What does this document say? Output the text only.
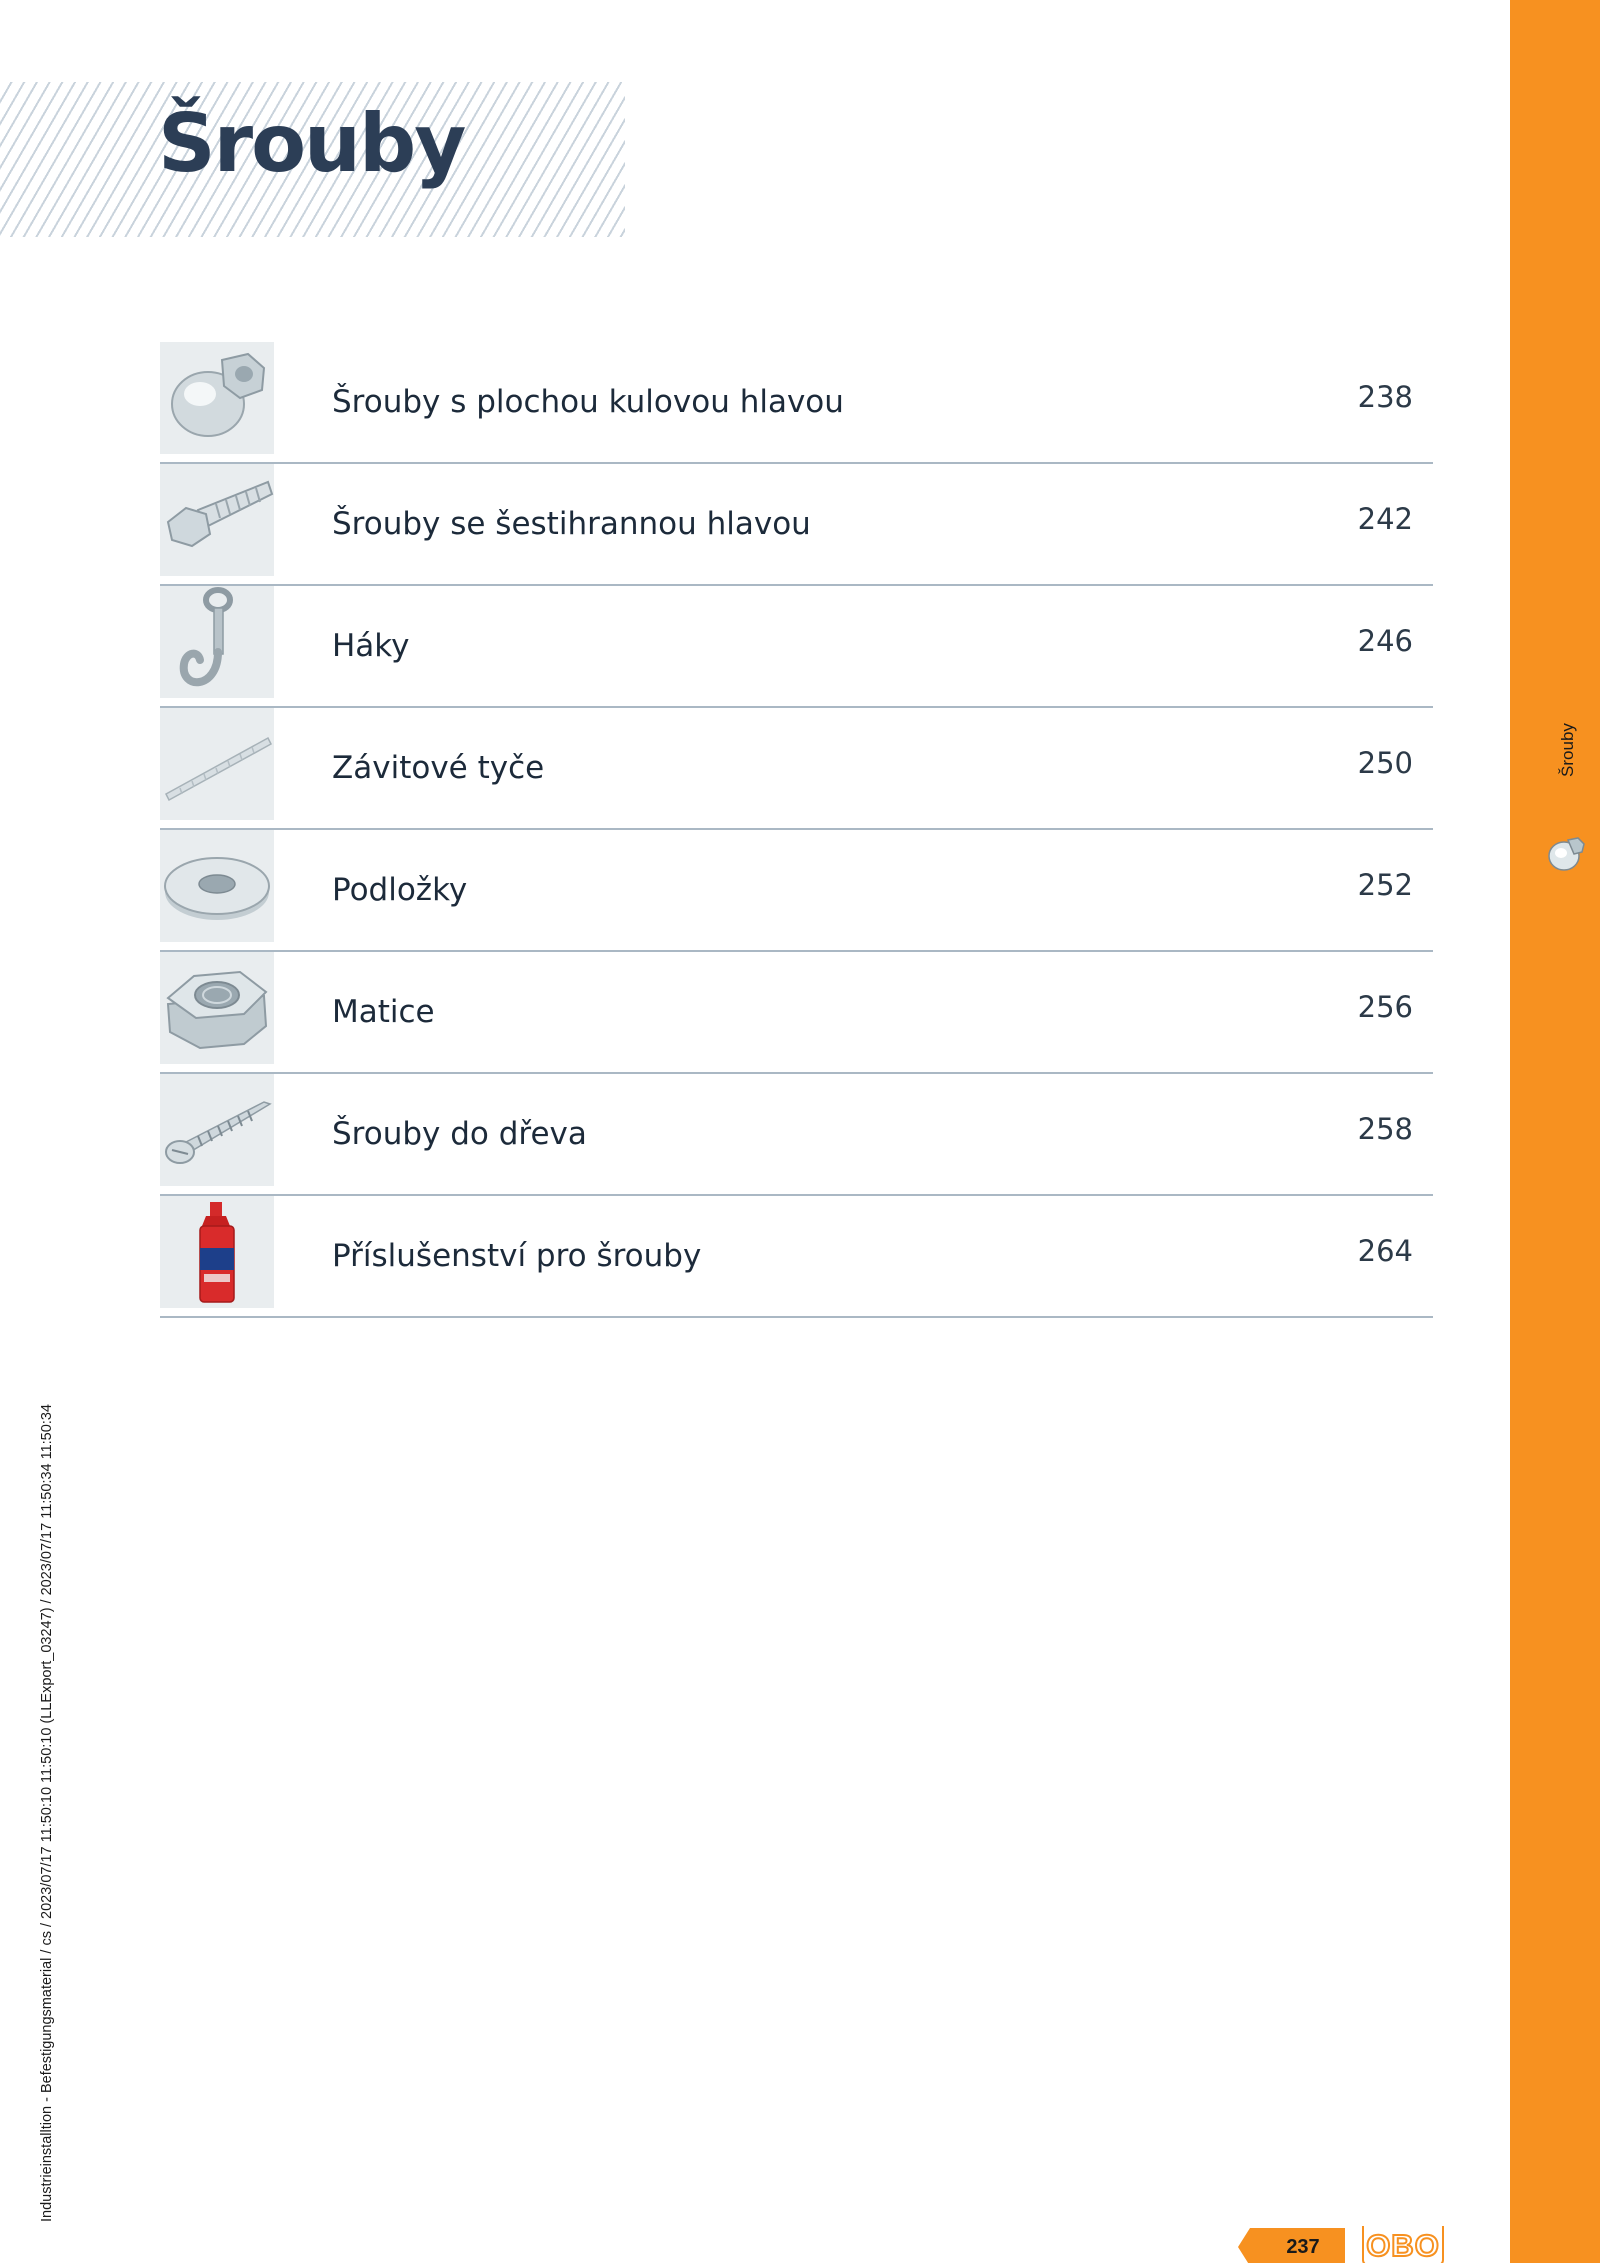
Šrouby
Šrouby s plochou kulovou hlavou	238
Šrouby se šestihrannou hlavou	242
Háky	246
Závitové tyče	250
Podložky	252
Matice	256
Šrouby do dřeva	258
Příslušenství pro šrouby	264
Šrouby
Industrieinstalltion - Befestigungsmaterial / cs / 2023/07/17 11:50:10 11:50:10 (LLExport_03247) / 2023/07/17 11:50:34 11:50:34
237	OBO
